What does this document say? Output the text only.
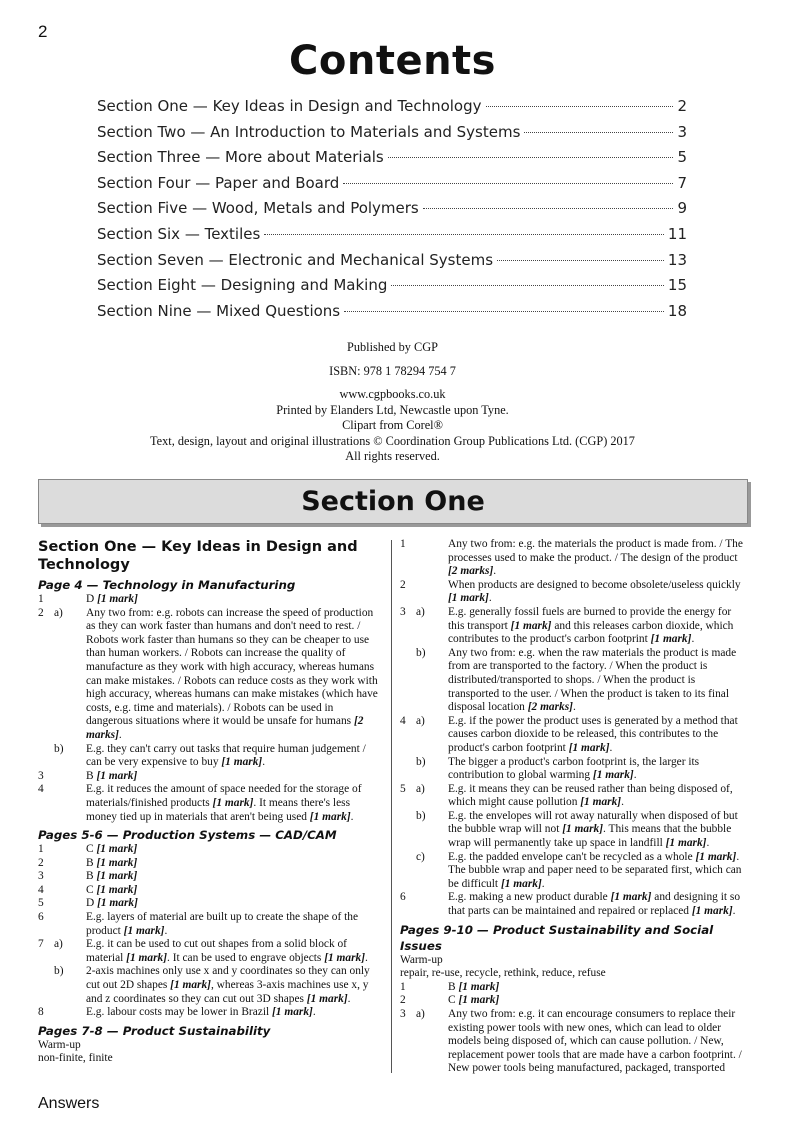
2
Contents
Section One — Key Ideas in Design and Technology	2
Section Two — An Introduction to Materials and Systems	3
Section Three — More about Materials	5
Section Four — Paper and Board	7
Section Five — Wood, Metals and Polymers	9
Section Six — Textiles	11
Section Seven — Electronic and Mechanical Systems	13
Section Eight — Designing and Making	15
Section Nine — Mixed Questions	18
Published by CGP
ISBN: 978 1 78294 754 7
www.cgpbooks.co.uk
Printed by Elanders Ltd, Newcastle upon Tyne.
Clipart from Corel®
Text, design, layout and original illustrations © Coordination Group Publications Ltd. (CGP) 2017
All rights reserved.
Section One
Section One — Key Ideas in Design and Technology
Page 4 — Technology in Manufacturing
1	D [1 mark]
2 a)	Any two from: e.g. robots can increase the speed of production as they can work faster than humans and don't need to rest. / Robots work faster than humans so they can be cheaper to use than human workers. / Robots can increase the quality of manufacture as they work with high accuracy, whereas humans can make mistakes. / Robots can reduce costs as they work with high accuracy, whereas humans can make mistakes (which have costs, e.g. time and materials). / Robots can be used in dangerous situations where it would be unsafe for humans [2 marks].
b)	E.g. they can't carry out tasks that require human judgement / can be very expensive to buy [1 mark].
3	B [1 mark]
4	E.g. it reduces the amount of space needed for the storage of materials/finished products [1 mark]. It means there's less money tied up in materials that aren't being used [1 mark].
Pages 5-6 — Production Systems — CAD/CAM
1	C [1 mark]
2	B [1 mark]
3	B [1 mark]
4	C [1 mark]
5	D [1 mark]
6	E.g. layers of material are built up to create the shape of the product [1 mark].
7 a)	E.g. it can be used to cut out shapes from a solid block of material [1 mark]. It can be used to engrave objects [1 mark].
b)	2-axis machines only use x and y coordinates so they can only cut out 2D shapes [1 mark], whereas 3-axis machines use x, y and z coordinates so they can cut out 3D shapes [1 mark].
8	E.g. labour costs may be lower in Brazil [1 mark].
Pages 7-8 — Product Sustainability
Warm-up
non-finite, finite
1	Any two from: e.g. the materials the product is made from. / The processes used to make the product. / The design of the product [2 marks].
2	When products are designed to become obsolete/useless quickly [1 mark].
3 a)	E.g. generally fossil fuels are burned to provide the energy for this transport [1 mark] and this releases carbon dioxide, which contributes to the product's carbon footprint [1 mark].
b)	Any two from: e.g. when the raw materials the product is made from are transported to the factory. / When the product is distributed/transported to shops. / When the product is transported to the user. / When the product is taken to its final disposal location [2 marks].
4 a)	E.g. if the power the product uses is generated by a method that causes carbon dioxide to be released, this contributes to the product's carbon footprint [1 mark].
b)	The bigger a product's carbon footprint is, the larger its contribution to global warming [1 mark].
5 a)	E.g. it means they can be reused rather than being disposed of, which might cause pollution [1 mark].
b)	E.g. the envelopes will rot away naturally when disposed of but the bubble wrap will not [1 mark]. This means that the bubble wrap will permanently take up space in landfill [1 mark].
c)	E.g. the padded envelope can't be recycled as a whole [1 mark]. The bubble wrap and paper need to be separated first, which can be difficult [1 mark].
6	E.g. making a new product durable [1 mark] and designing it so that parts can be maintained and repaired or replaced [1 mark].
Pages 9-10 — Product Sustainability and Social Issues
Warm-up
repair, re-use, recycle, rethink, reduce, refuse
1	B [1 mark]
2	C [1 mark]
3 a)	Any two from: e.g. it can encourage consumers to replace their existing power tools with new ones, which can lead to older models being disposed of, which can cause pollution. / New, replacement power tools that are made have a carbon footprint. / New power tools being manufactured, packaged, transported
Answers
